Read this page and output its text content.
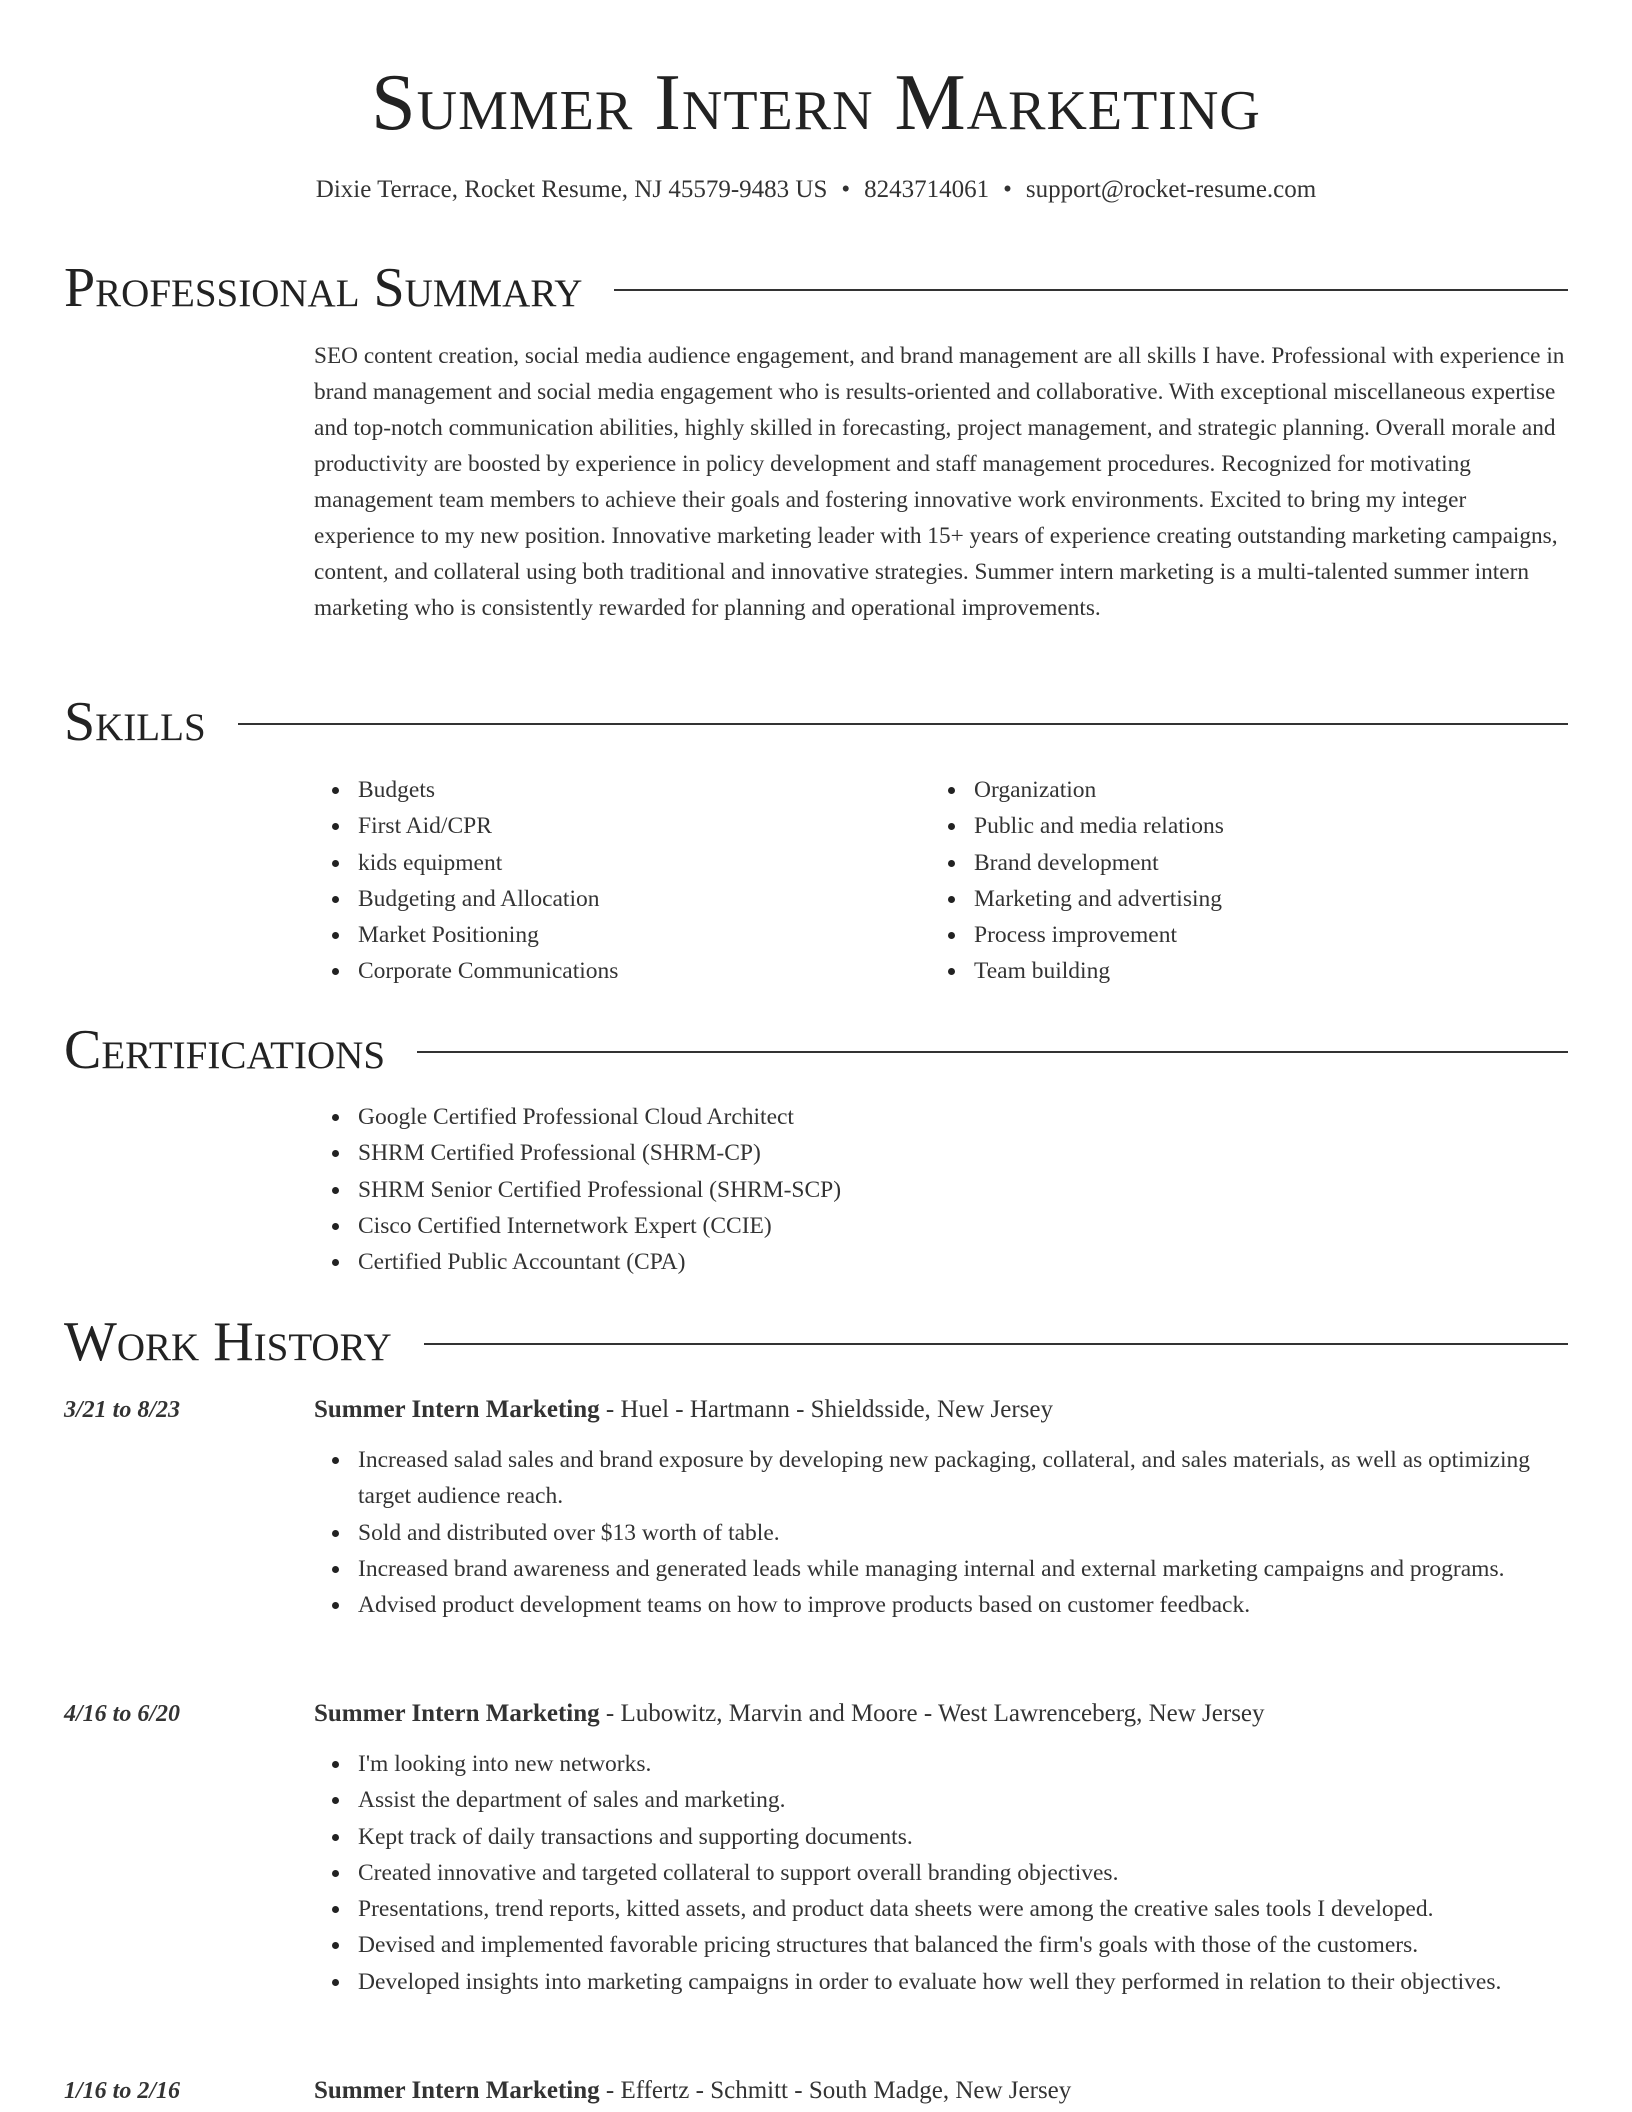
Summer Intern Marketing
Dixie Terrace, Rocket Resume, NJ 45579-9483 US • 8243714061 • support@rocket-resume.com
Professional Summary
SEO content creation, social media audience engagement, and brand management are all skills I have. Professional with experience in brand management and social media engagement who is results-oriented and collaborative. With exceptional miscellaneous expertise and top-notch communication abilities, highly skilled in forecasting, project management, and strategic planning. Overall morale and productivity are boosted by experience in policy development and staff management procedures. Recognized for motivating management team members to achieve their goals and fostering innovative work environments. Excited to bring my integer experience to my new position. Innovative marketing leader with 15+ years of experience creating outstanding marketing campaigns, content, and collateral using both traditional and innovative strategies. Summer intern marketing is a multi-talented summer intern marketing who is consistently rewarded for planning and operational improvements.
Skills
Budgets
First Aid/CPR
kids equipment
Budgeting and Allocation
Market Positioning
Corporate Communications
Organization
Public and media relations
Brand development
Marketing and advertising
Process improvement
Team building
Certifications
Google Certified Professional Cloud Architect
SHRM Certified Professional (SHRM-CP)
SHRM Senior Certified Professional (SHRM-SCP)
Cisco Certified Internetwork Expert (CCIE)
Certified Public Accountant (CPA)
Work History
3/21 to 8/23	Summer Intern Marketing - Huel - Hartmann - Shieldsside, New Jersey
Increased salad sales and brand exposure by developing new packaging, collateral, and sales materials, as well as optimizing target audience reach.
Sold and distributed over $13 worth of table.
Increased brand awareness and generated leads while managing internal and external marketing campaigns and programs.
Advised product development teams on how to improve products based on customer feedback.
4/16 to 6/20	Summer Intern Marketing - Lubowitz, Marvin and Moore - West Lawrenceberg, New Jersey
I'm looking into new networks.
Assist the department of sales and marketing.
Kept track of daily transactions and supporting documents.
Created innovative and targeted collateral to support overall branding objectives.
Presentations, trend reports, kitted assets, and product data sheets were among the creative sales tools I developed.
Devised and implemented favorable pricing structures that balanced the firm's goals with those of the customers.
Developed insights into marketing campaigns in order to evaluate how well they performed in relation to their objectives.
1/16 to 2/16	Summer Intern Marketing - Effertz - Schmitt - South Madge, New Jersey
